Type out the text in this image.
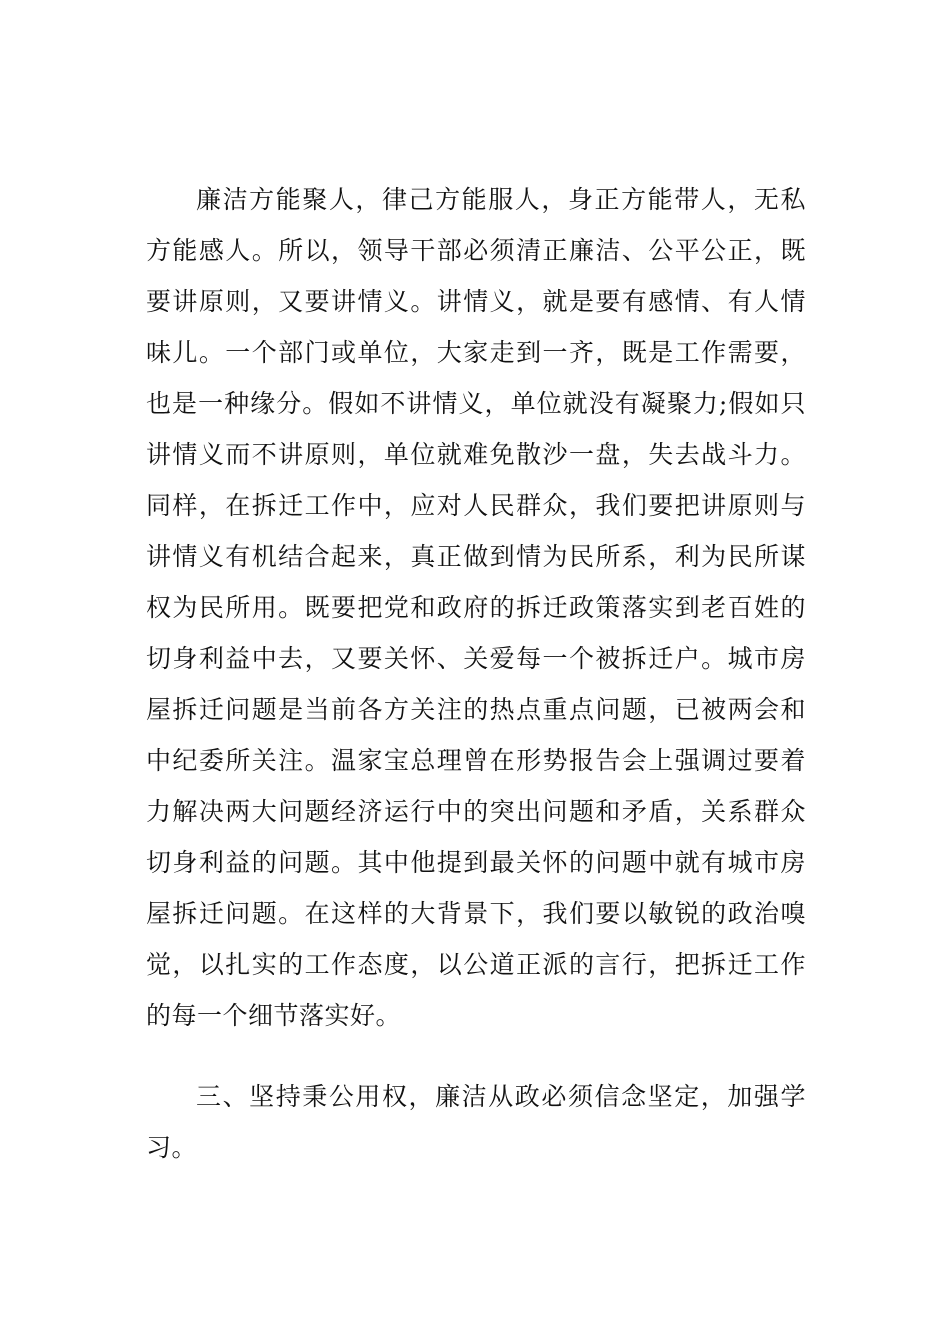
廉洁方能聚人，律己方能服人，身正方能带人，无私方能感人。所以，领导干部必须清正廉洁、公平公正，既要讲原则，又要讲情义。讲情义，就是要有感情、有人情味儿。一个部门或单位，大家走到一齐，既是工作需要，也是一种缘分。假如不讲情义，单位就没有凝聚力;假如只讲情义而不讲原则，单位就难免散沙一盘，失去战斗力。同样，在拆迁工作中，应对人民群众，我们要把讲原则与讲情义有机结合起来，真正做到情为民所系，利为民所谋权为民所用。既要把党和政府的拆迁政策落实到老百姓的切身利益中去，又要关怀、关爱每一个被拆迁户。城市房屋拆迁问题是当前各方关注的热点重点问题，已被两会和中纪委所关注。温家宝总理曾在形势报告会上强调过要着力解决两大问题经济运行中的突出问题和矛盾，关系群众切身利益的问题。其中他提到最关怀的问题中就有城市房屋拆迁问题。在这样的大背景下，我们要以敏锐的政治嗅觉，以扎实的工作态度，以公道正派的言行，把拆迁工作的每一个细节落实好。

三、坚持秉公用权，廉洁从政必须信念坚定，加强学习。
